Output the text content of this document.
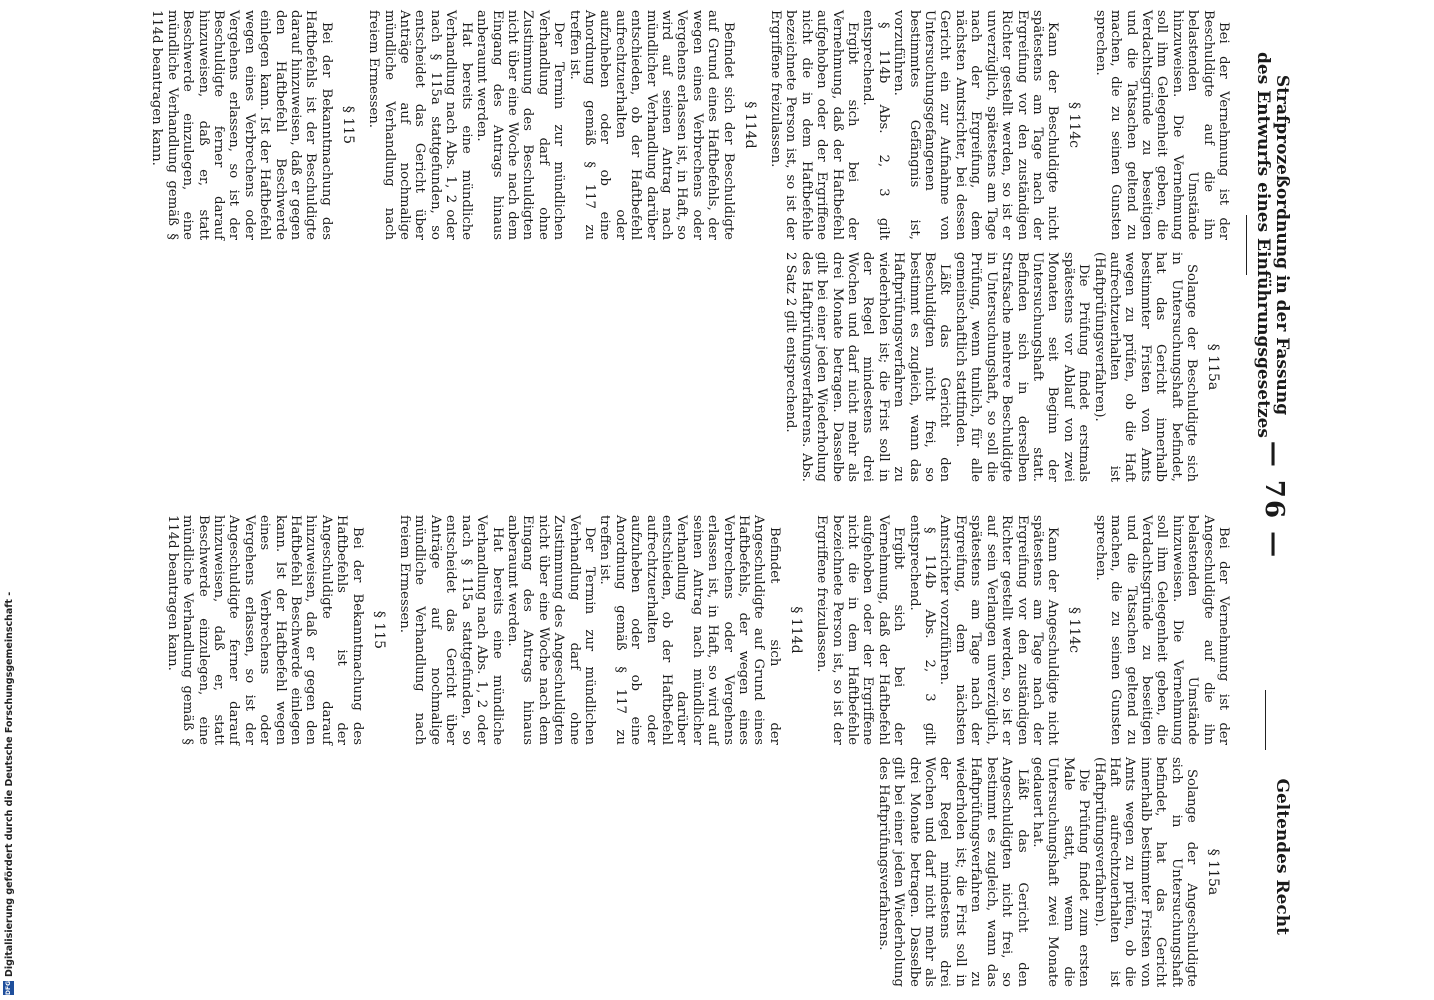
— 76 —
Strafprozeßordnung in der Fassung
des Entwurfs eines Einführungsgesetzes

Bei der Vernehmung ist der Beschuldigte auf die ihn belastenden Umstände hinzuweisen. Die Vernehmung soll ihm Gelegenheit geben, die Verdachtsgründe zu beseitigen und die Tatsachen geltend zu machen, die zu seinen Gunsten sprechen.

§ 114c

Kann der Beschuldigte nicht spätestens am Tage nach der Ergreifung vor den zuständigen Richter gestellt werden, so ist er unverzüglich, spätestens am Tage nach der Ergreifung, dem nächsten Amtsrichter, bei dessen Gericht ein zur Aufnahme von Untersuchungsgefangenen bestimmtes Gefängnis ist, vorzuführen.

§ 114b Abs. 2, 3 gilt entsprechend.

Ergibt sich bei der Vernehmung, daß der Haftbefehl aufgehoben oder der Ergriffene nicht die in dem Haftbefehle bezeichnete Person ist, so ist der Ergriffene freizulassen.

§ 114d

Befindet sich der Beschuldigte auf Grund eines Haftbefehls, der wegen eines Verbrechens oder Vergehens erlassen ist, in Haft, so wird auf seinen Antrag nach mündlicher Verhandlung darüber entschieden, ob der Haftbefehl aufrechtzuerhalten oder aufzuheben oder ob eine Anordnung gemäß § 117 zu treffen ist.

Der Termin zur mündlichen Verhandlung darf ohne Zustimmung des Beschuldigten nicht über eine Woche nach dem Eingang des Antrags hinaus anberaumt werden.

Hat bereits eine mündliche Verhandlung nach Abs. 1, 2 oder nach § 115a stattgefunden, so entscheidet das Gericht über Anträge auf nochmalige mündliche Verhandlung nach freiem Ermessen.

§ 115

Bei der Bekanntmachung des Haftbefehls ist der Beschuldigte darauf hinzuweisen, daß er gegen den Haftbefehl Beschwerde einlegen kann. Ist der Haftbefehl wegen eines Verbrechens oder Vergehens erlassen, so ist der Beschuldigte ferner darauf hinzuweisen, daß er, statt Beschwerde einzulegen, eine mündliche Verhandlung gemäß § 114d beantragen kann.

§ 115a

Solange der Beschuldigte sich in Untersuchungshaft befindet, hat das Gericht innerhalb bestimmter Fristen von Amts wegen zu prüfen, ob die Haft aufrechtzuerhalten ist (Haftprüfungsverfahren).

Die Prüfung findet erstmals spätestens vor Ablauf von zwei Monaten seit Beginn der Untersuchungshaft statt. Befinden sich in derselben Strafsache mehrere Beschuldigte in Untersuchungshaft, so soll die Prüfung, wenn tunlich, für alle gemeinschaftlich stattfinden.

Läßt das Gericht den Beschuldigten nicht frei, so bestimmt es zugleich, wann das Haftprüfungsverfahren zu wiederholen ist; die Frist soll in der Regel mindestens drei Wochen und darf nicht mehr als drei Monate betragen. Dasselbe gilt bei einer jeden Wiederholung des Haftprüfungsverfahrens. Abs. 2 Satz 2 gilt entsprechend.

Geltendes Recht

Bei der Vernehmung ist der Angeschuldigte auf die ihn belastenden Umstände hinzuweisen. Die Vernehmung soll ihm Gelegenheit geben, die Verdachtsgründe zu beseitigen und die Tatsachen geltend zu machen, die zu seinen Gunsten sprechen.

§ 114c

Kann der Angeschuldigte nicht spätestens am Tage nach der Ergreifung vor den zuständigen Richter gestellt werden, so ist er auf sein Verlangen unverzüglich, spätestens am Tage nach der Ergreifung, dem nächsten Amtsrichter vorzuführen.

§ 114b Abs. 2, 3 gilt entsprechend.

Ergibt sich bei der Vernehmung, daß der Haftbefehl aufgehoben oder der Ergriffene nicht die in dem Haftbefehle bezeichnete Person ist, so ist der Ergriffene freizulassen.

§ 114d

Befindet sich der Angeschuldigte auf Grund eines Haftbefehls, der wegen eines Verbrechens oder Vergehens erlassen ist, in Haft, so wird auf seinen Antrag nach mündlicher Verhandlung darüber entschieden, ob der Haftbefehl aufrechtzuerhalten oder aufzuheben oder ob eine Anordnung gemäß § 117 zu treffen ist.

Der Termin zur mündlichen Verhandlung darf ohne Zustimmung des Angeschuldigten nicht über eine Woche nach dem Eingang des Antrags hinaus anberaumt werden.

Hat bereits eine mündliche Verhandlung nach Abs. 1, 2 oder nach § 115a stattgefunden, so entscheidet das Gericht über Anträge auf nochmalige mündliche Verhandlung nach freiem Ermessen.

§ 115

Bei der Bekanntmachung des Haftbefehls ist der Angeschuldigte darauf hinzuweisen, daß er gegen den Haftbefehl Beschwerde einlegen kann. Ist der Haftbefehl wegen eines Verbrechens oder Vergehens erlassen, so ist der Angeschuldigte ferner darauf hinzuweisen, daß er, statt Beschwerde einzulegen, eine mündliche Verhandlung gemäß § 114d beantragen kann.

§ 115a

Solange der Angeschuldigte sich in Untersuchungshaft befindet, hat das Gericht innerhalb bestimmter Fristen von Amts wegen zu prüfen, ob die Haft aufrechtzuerhalten ist (Haftprüfungsverfahren).

Die Prüfung findet zum ersten Male statt, wenn die Untersuchungshaft zwei Monate gedauert hat.

Läßt das Gericht den Angeschuldigten nicht frei, so bestimmt es zugleich, wann das Haftprüfungsverfahren zu wiederholen ist; die Frist soll in der Regel mindestens drei Wochen und darf nicht mehr als drei Monate betragen. Dasselbe gilt bei einer jeden Wiederholung des Haftprüfungsverfahrens.

DFG
Digitalisierung gefördert durch die Deutsche Forschungsgemeinschaft -
